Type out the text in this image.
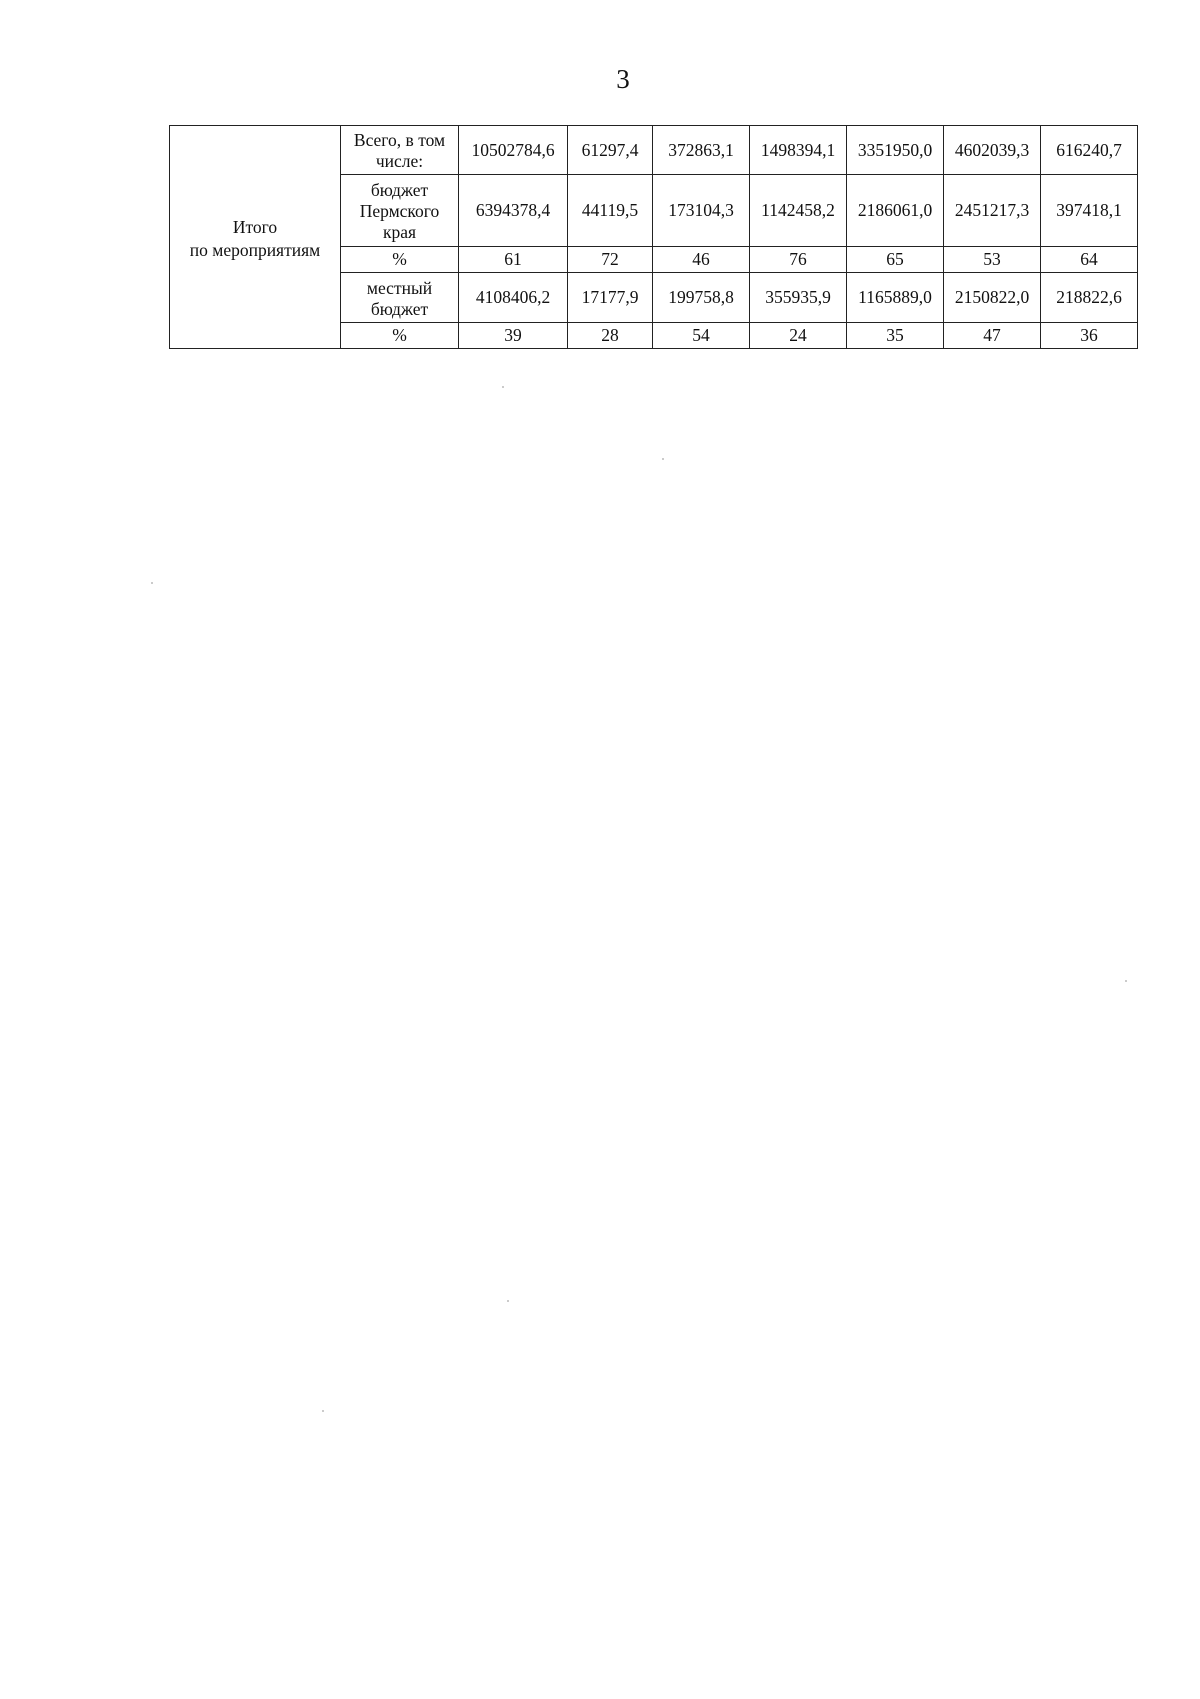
3
Итого
по мероприятиям	Всего, в том числе:	10502784,6	61297,4	372863,1	1498394,1	3351950,0	4602039,3	616240,7
	бюджет Пермского края	6394378,4	44119,5	173104,3	1142458,2	2186061,0	2451217,3	397418,1
	%	61	72	46	76	65	53	64
	местный бюджет	4108406,2	17177,9	199758,8	355935,9	1165889,0	2150822,0	218822,6
	%	39	28	54	24	35	47	36
